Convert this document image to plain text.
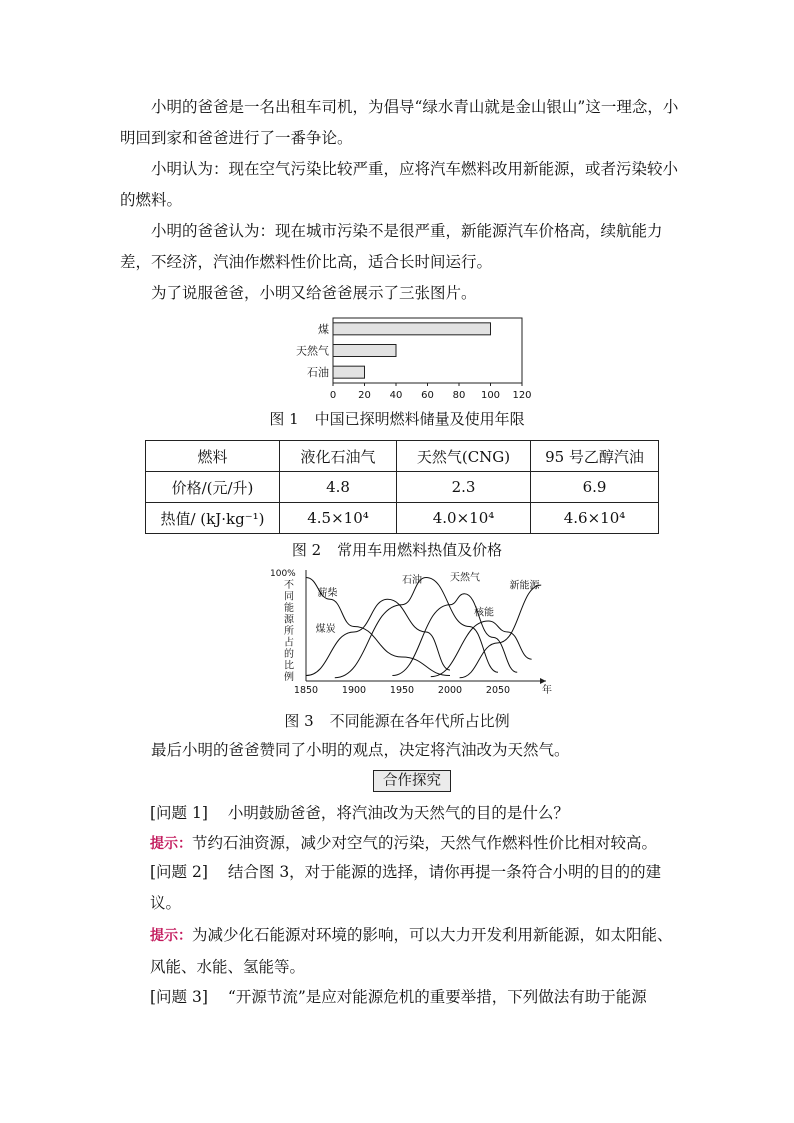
小明的爸爸是一名出租车司机，为倡导“绿水青山就是金山银山”这一理念，小明回到家和爸爸进行了一番争论。
小明认为：现在空气污染比较严重，应将汽车燃料改用新能源，或者污染较小的燃料。
小明的爸爸认为：现在城市污染不是很严重，新能源汽车价格高，续航能力差，不经济，汽油作燃料性价比高，适合长时间运行。
为了说服爸爸，小明又给爸爸展示了三张图片。
煤
天然气
石油
0 20 40 60 80 100 120
图 1 中国已探明燃料储量及使用年限
燃料	液化石油气	天然气(CNG)	95 号乙醇汽油
价格/(元/升)	4.8	2.3	6.9
热值/ (kJ·kg⁻¹)	4.5×10⁴	4.0×10⁴	4.6×10⁴
图 2 常用车用燃料热值及价格
100%
不
同
能
源
所
占
的
比
例
1850	1900	1950	2000	2050	年
薪柴
煤炭
石油	天然气
核能
新能源
图 3 不同能源在各年代所占比例
最后小明的爸爸赞同了小明的观点，决定将汽油改为天然气。
合作探究
[问题 1] 小明鼓励爸爸，将汽油改为天然气的目的是什么？
提示：节约石油资源，减少对空气的污染，天然气作燃料性价比相对较高。
[问题 2] 结合图 3，对于能源的选择，请你再提一条符合小明的目的的建议。
提示：为减少化石能源对环境的影响，可以大力开发利用新能源，如太阳能、风能、水能、氢能等。
[问题 3] “开源节流”是应对能源危机的重要举措，下列做法有助于能源
